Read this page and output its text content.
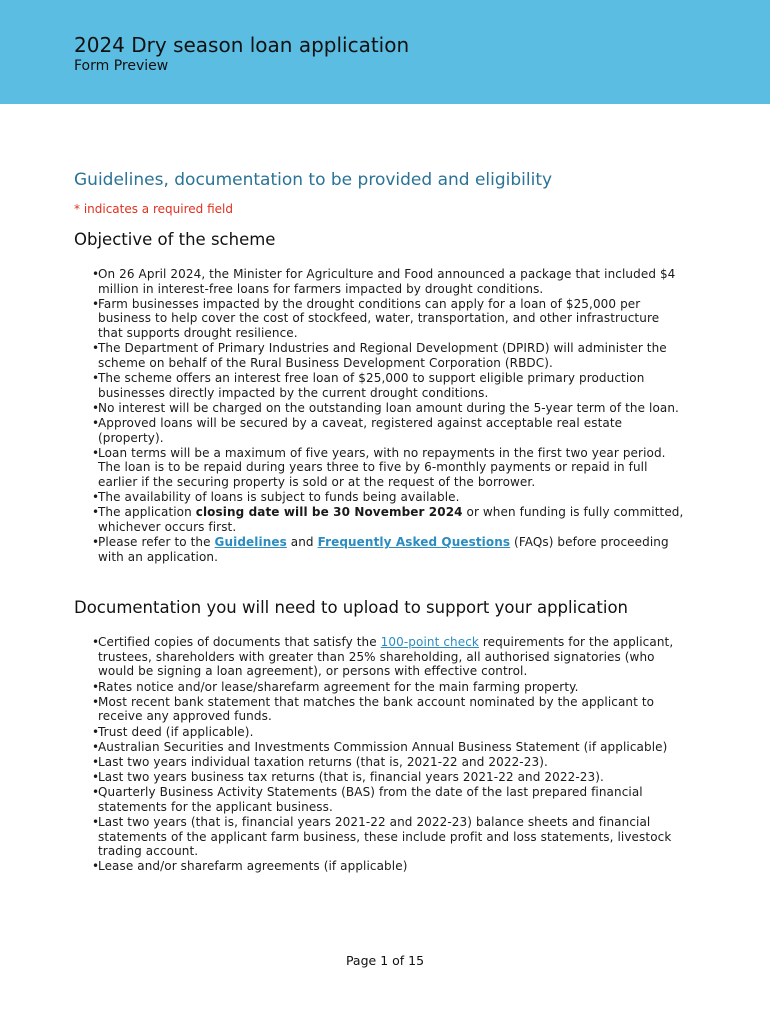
2024 Dry season loan application
Form Preview
Guidelines, documentation to be provided and eligibility
* indicates a required field
Objective of the scheme
•
On 26 April 2024, the Minister for Agriculture and Food announced a package that included $4 million in interest-free loans for farmers impacted by drought conditions.
•
Farm businesses impacted by the drought conditions can apply for a loan of $25,000 per business to help cover the cost of stockfeed, water, transportation, and other infrastructure that supports drought resilience.
•
The Department of Primary Industries and Regional Development (DPIRD) will administer the scheme on behalf of the Rural Business Development Corporation (RBDC).
•
The scheme offers an interest free loan of $25,000 to support eligible primary production businesses directly impacted by the current drought conditions.
•
No interest will be charged on the outstanding loan amount during the 5-year term of the loan.
•
Approved loans will be secured by a caveat, registered against acceptable real estate (property).
•
Loan terms will be a maximum of five years, with no repayments in the first two year period. The loan is to be repaid during years three to five by 6-monthly payments or repaid in full earlier if the securing property is sold or at the request of the borrower.
•
The availability of loans is subject to funds being available.
•
The application closing date will be 30 November 2024 or when funding is fully committed, whichever occurs first.
•
Please refer to the Guidelines and Frequently Asked Questions (FAQs) before proceeding with an application.
Documentation you will need to upload to support your application
•
Certified copies of documents that satisfy the 100-point check requirements for the applicant, trustees, shareholders with greater than 25% shareholding, all authorised signatories (who would be signing a loan agreement), or persons with effective control.
•
Rates notice and/or lease/sharefarm agreement for the main farming property.
•
Most recent bank statement that matches the bank account nominated by the applicant to receive any approved funds.
•
Trust deed (if applicable).
•
Australian Securities and Investments Commission Annual Business Statement (if applicable)
•
Last two years individual taxation returns (that is, 2021-22 and 2022-23).
•
Last two years business tax returns (that is, financial years 2021-22 and 2022-23).
•
Quarterly Business Activity Statements (BAS) from the date of the last prepared financial statements for the applicant business.
•
Last two years (that is, financial years 2021-22 and 2022-23) balance sheets and financial statements of the applicant farm business, these include profit and loss statements, livestock trading account.
•
Lease and/or sharefarm agreements (if applicable)
Page 1 of 15
